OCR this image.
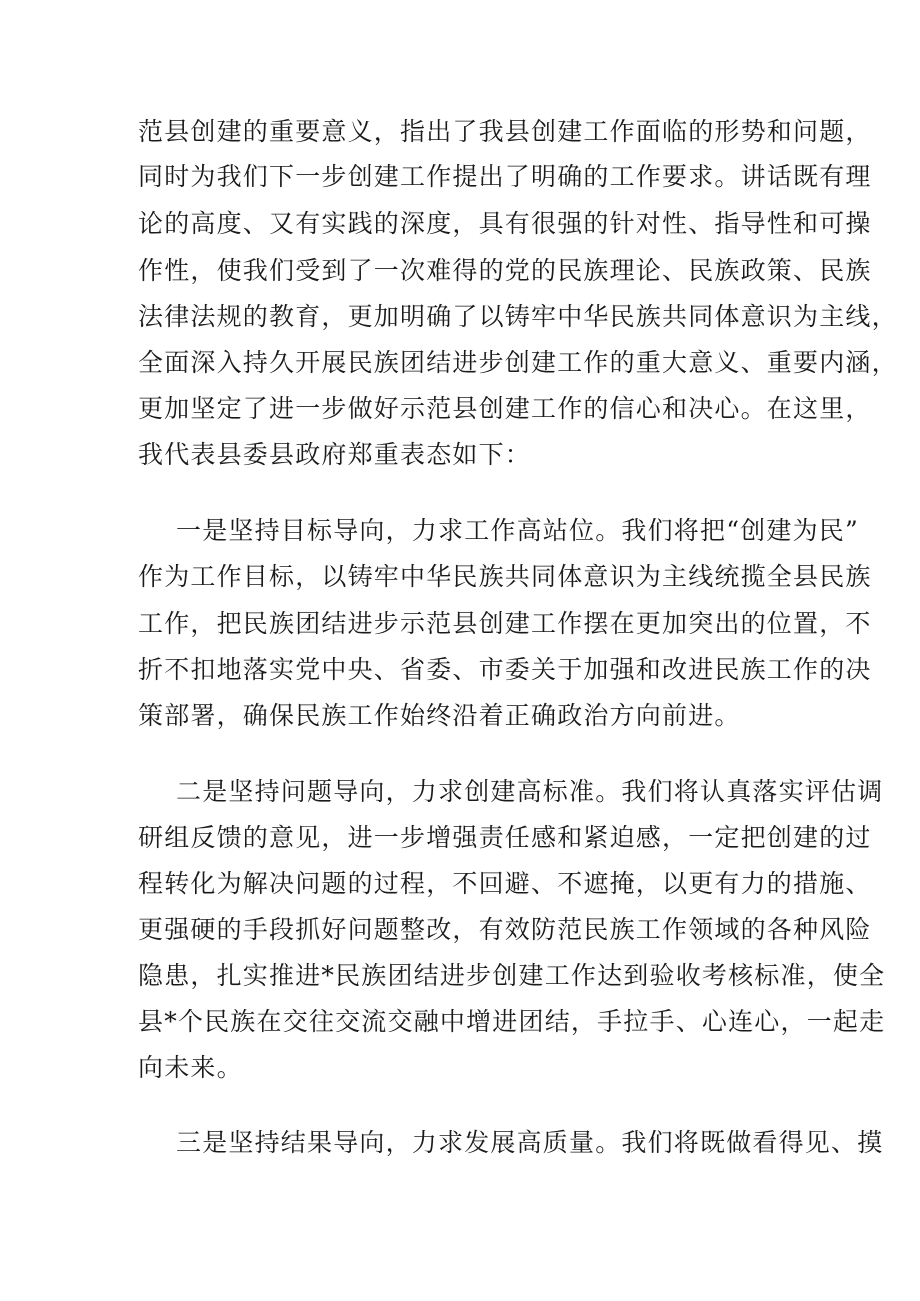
范县创建的重要意义，指出了我县创建工作面临的形势和问题，
同时为我们下一步创建工作提出了明确的工作要求。讲话既有理
论的高度、又有实践的深度，具有很强的针对性、指导性和可操
作性，使我们受到了一次难得的党的民族理论、民族政策、民族
法律法规的教育，更加明确了以铸牢中华民族共同体意识为主线，
全面深入持久开展民族团结进步创建工作的重大意义、重要内涵，
更加坚定了进一步做好示范县创建工作的信心和决心。在这里，
我代表县委县政府郑重表态如下：
一是坚持目标导向，力求工作高站位。我们将把“创建为民”
作为工作目标，以铸牢中华民族共同体意识为主线统揽全县民族
工作，把民族团结进步示范县创建工作摆在更加突出的位置，不
折不扣地落实党中央、省委、市委关于加强和改进民族工作的决
策部署，确保民族工作始终沿着正确政治方向前进。
二是坚持问题导向，力求创建高标准。我们将认真落实评估调
研组反馈的意见，进一步增强责任感和紧迫感，一定把创建的过
程转化为解决问题的过程，不回避、不遮掩，以更有力的措施、
更强硬的手段抓好问题整改，有效防范民族工作领域的各种风险
隐患，扎实推进*民族团结进步创建工作达到验收考核标准，使全
县*个民族在交往交流交融中增进团结，手拉手、心连心，一起走
向未来。
三是坚持结果导向，力求发展高质量。我们将既做看得见、摸
